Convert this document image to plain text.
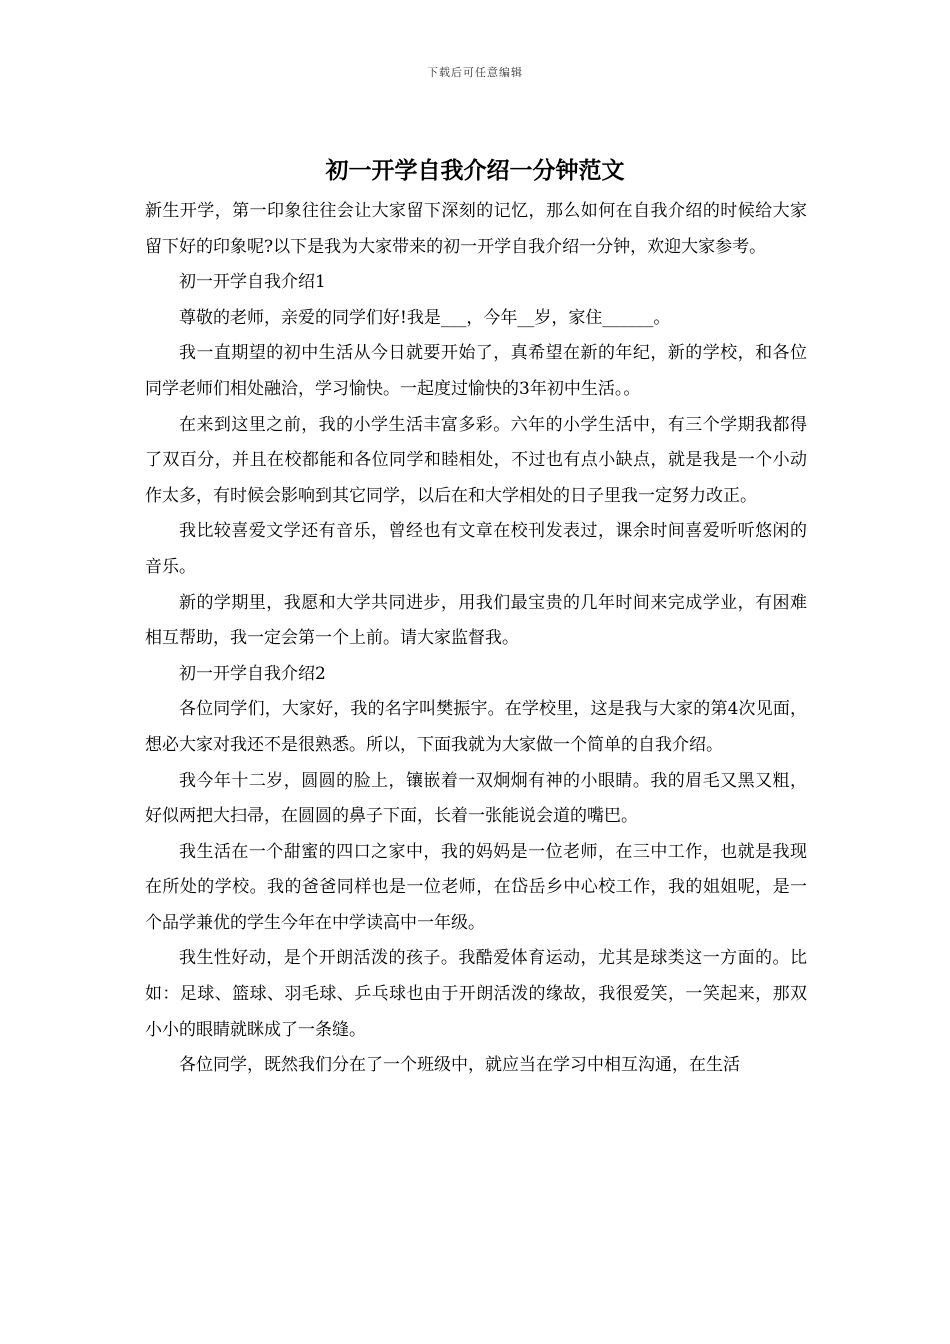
下载后可任意编辑
初一开学自我介绍一分钟范文

新生开学，第一印象往往会让大家留下深刻的记忆，那么如何在自我介绍的时候给大家留下好的印象呢?以下是我为大家带来的初一开学自我介绍一分钟，欢迎大家参考。

初一开学自我介绍1

尊敬的老师，亲爱的同学们好!我是___，今年__岁，家住______。

我一直期望的初中生活从今日就要开始了，真希望在新的年纪，新的学校，和各位同学老师们相处融洽，学习愉快。一起度过愉快的3年初中生活。。

在来到这里之前，我的小学生活丰富多彩。六年的小学生活中，有三个学期我都得了双百分，并且在校都能和各位同学和睦相处，不过也有点小缺点，就是我是一个小动作太多，有时候会影响到其它同学，以后在和大学相处的日子里我一定努力改正。

我比较喜爱文学还有音乐，曾经也有文章在校刊发表过，课余时间喜爱听听悠闲的音乐。

新的学期里，我愿和大学共同进步，用我们最宝贵的几年时间来完成学业，有困难相互帮助，我一定会第一个上前。请大家监督我。

初一开学自我介绍2

各位同学们，大家好，我的名字叫樊振宇。在学校里，这是我与大家的第4次见面，想必大家对我还不是很熟悉。所以，下面我就为大家做一个简单的自我介绍。

我今年十二岁，圆圆的脸上，镶嵌着一双炯炯有神的小眼睛。我的眉毛又黑又粗，好似两把大扫帚，在圆圆的鼻子下面，长着一张能说会道的嘴巴。

我生活在一个甜蜜的四口之家中，我的妈妈是一位老师，在三中工作，也就是我现在所处的学校。我的爸爸同样也是一位老师，在岱岳乡中心校工作，我的姐姐呢，是一个品学兼优的学生今年在中学读高中一年级。

我生性好动，是个开朗活泼的孩子。我酷爱体育运动，尤其是球类这一方面的。比如：足球、篮球、羽毛球、乒乓球也由于开朗活泼的缘故，我很爱笑，一笑起来，那双小小的眼睛就眯成了一条缝。

各位同学，既然我们分在了一个班级中，就应当在学习中相互沟通，在生活
